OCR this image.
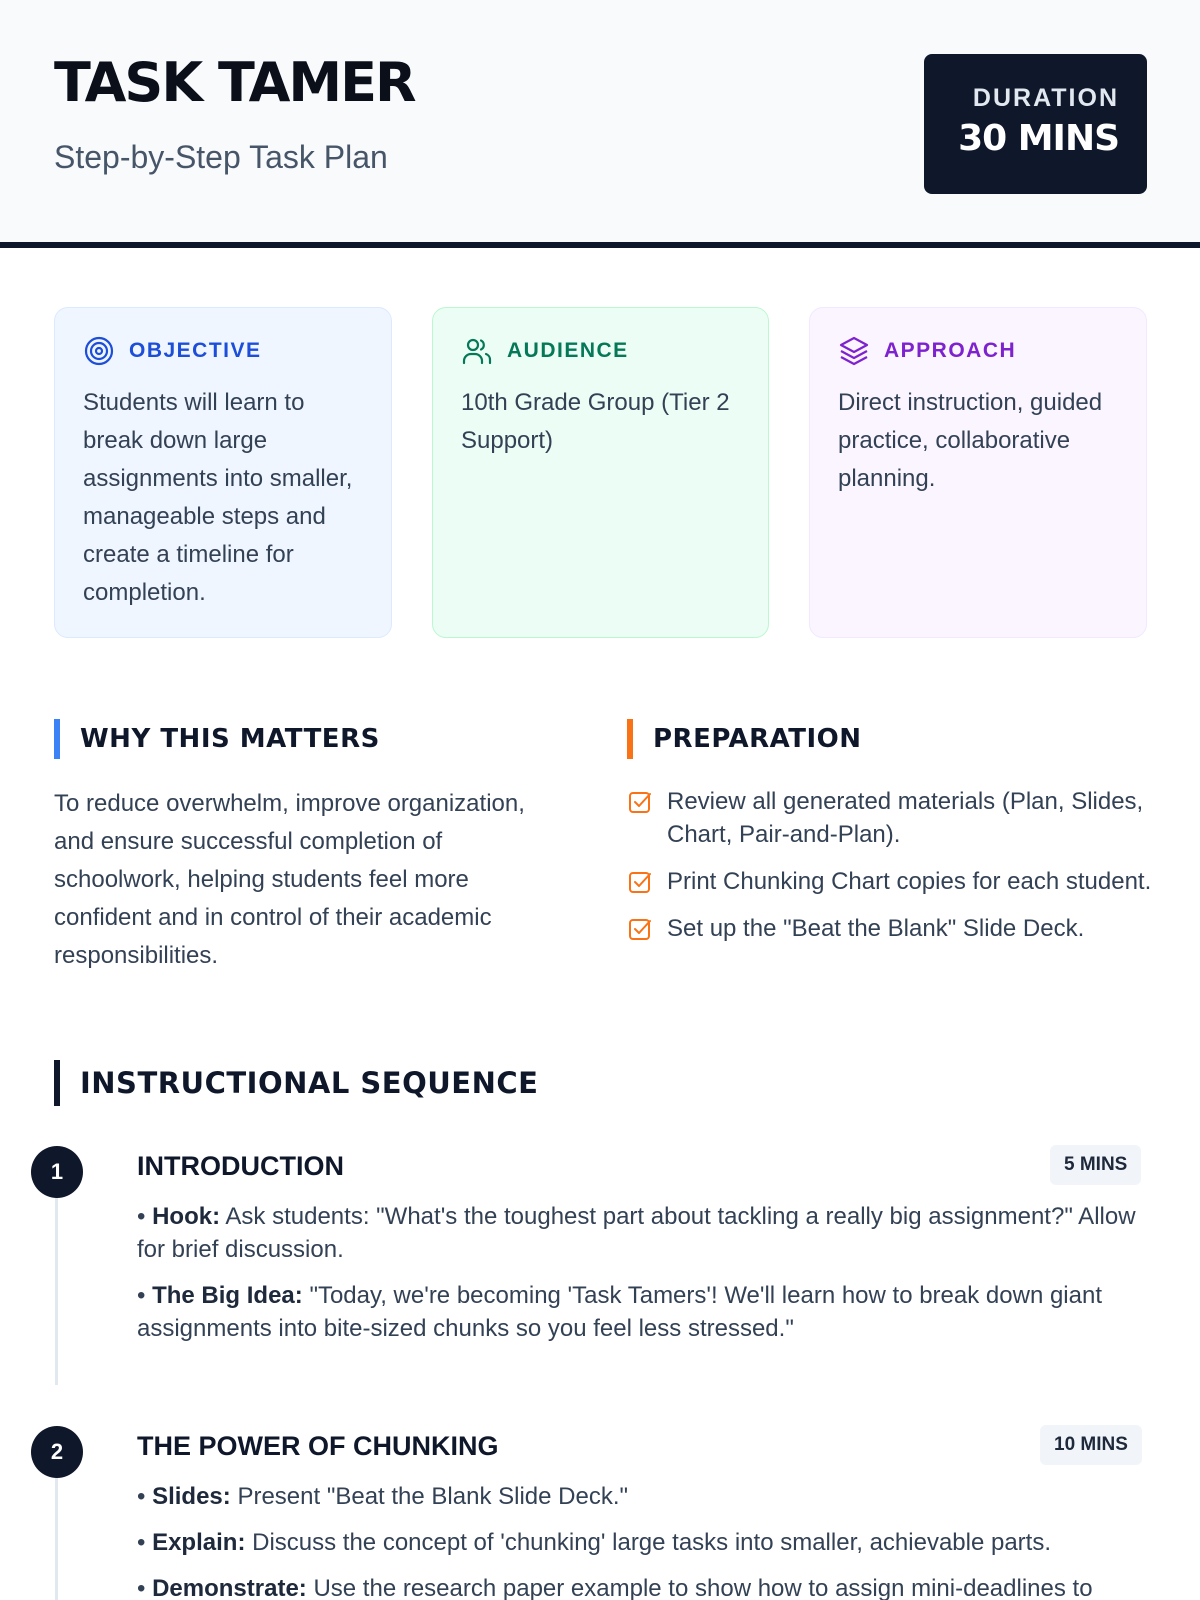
TASK TAMER
Step-by-Step Task Plan
DURATION
30 MINS
OBJECTIVE
Students will learn to break down large assignments into smaller, manageable steps and create a timeline for completion.
AUDIENCE
10th Grade Group (Tier 2 Support)
APPROACH
Direct instruction, guided practice, collaborative planning.
WHY THIS MATTERS
To reduce overwhelm, improve organization, and ensure successful completion of schoolwork, helping students feel more confident and in control of their academic responsibilities.
PREPARATION
Review all generated materials (Plan, Slides, Chart, Pair-and-Plan).
Print Chunking Chart copies for each student.
Set up the "Beat the Blank" Slide Deck.
INSTRUCTIONAL SEQUENCE
1	INTRODUCTION	5 MINS

• Hook: Ask students: "What's the toughest part about tackling a really big assignment?" Allow for brief discussion.

• The Big Idea: "Today, we're becoming 'Task Tamers'! We'll learn how to break down giant assignments into bite-sized chunks so you feel less stressed."

2	THE POWER OF CHUNKING	10 MINS

• Slides: Present "Beat the Blank Slide Deck."

• Explain: Discuss the concept of 'chunking' large tasks into smaller, achievable parts.

• Demonstrate: Use the research paper example to show how to assign mini-deadlines to
